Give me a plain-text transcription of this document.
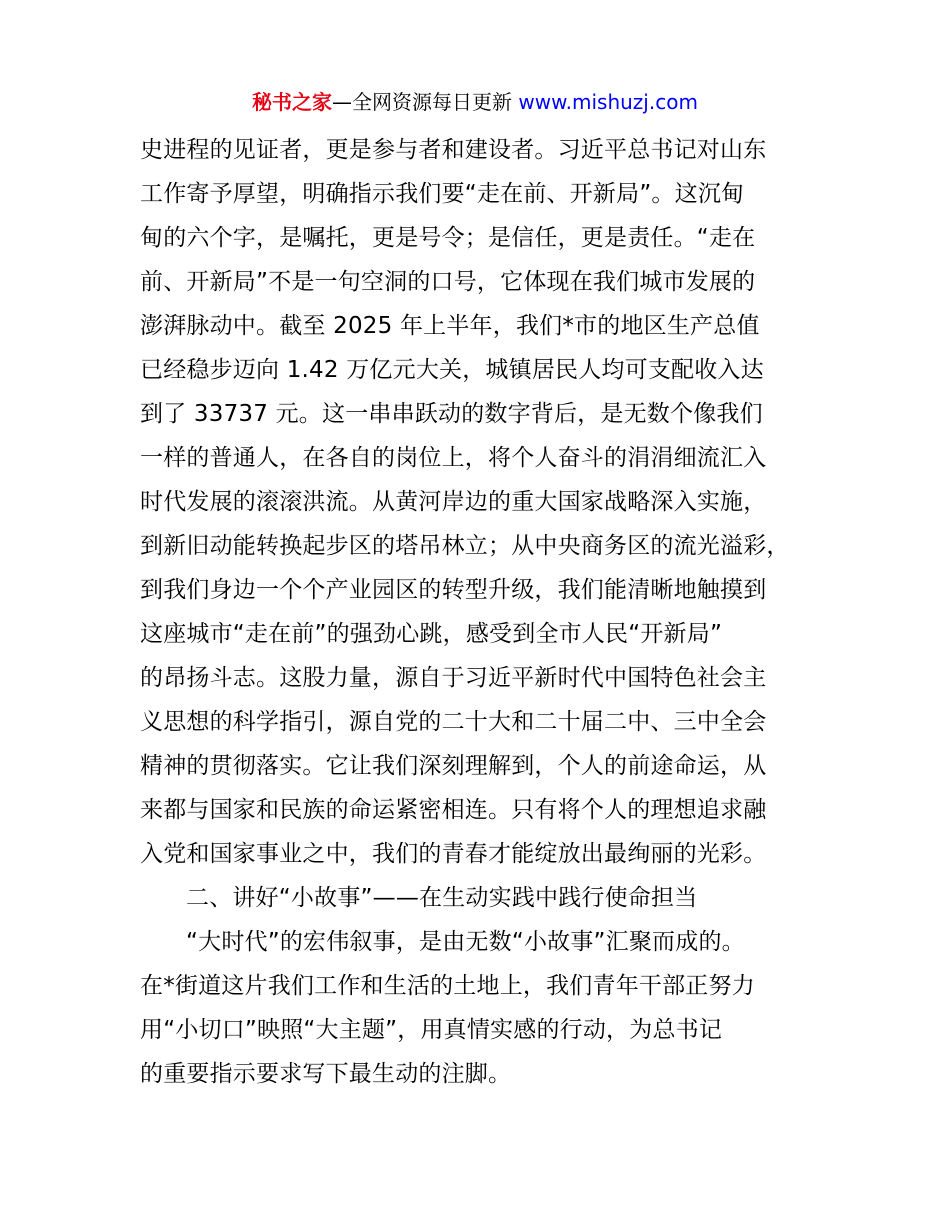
秘书之家—全网资源每日更新 www.mishuzj.com
史进程的见证者，更是参与者和建设者。习近平总书记对山东
工作寄予厚望，明确指示我们要“走在前、开新局”。这沉甸
甸的六个字，是嘱托，更是号令；是信任，更是责任。“走在
前、开新局”不是一句空洞的口号，它体现在我们城市发展的
澎湃脉动中。截至 2025 年上半年，我们*市的地区生产总值
已经稳步迈向 1.42 万亿元大关，城镇居民人均可支配收入达
到了 33737 元。这一串串跃动的数字背后，是无数个像我们
一样的普通人，在各自的岗位上，将个人奋斗的涓涓细流汇入
时代发展的滚滚洪流。从黄河岸边的重大国家战略深入实施，
到新旧动能转换起步区的塔吊林立；从中央商务区的流光溢彩，
到我们身边一个个产业园区的转型升级，我们能清晰地触摸到
这座城市“走在前”的强劲心跳，感受到全市人民“开新局”
的昂扬斗志。这股力量，源自于习近平新时代中国特色社会主
义思想的科学指引，源自党的二十大和二十届二中、三中全会
精神的贯彻落实。它让我们深刻理解到，个人的前途命运，从
来都与国家和民族的命运紧密相连。只有将个人的理想追求融
入党和国家事业之中，我们的青春才能绽放出最绚丽的光彩。
二、讲好“小故事”——在生动实践中践行使命担当
“大时代”的宏伟叙事，是由无数“小故事”汇聚而成的。
在*街道这片我们工作和生活的土地上，我们青年干部正努力
用“小切口”映照“大主题”，用真情实感的行动，为总书记
的重要指示要求写下最生动的注脚。
